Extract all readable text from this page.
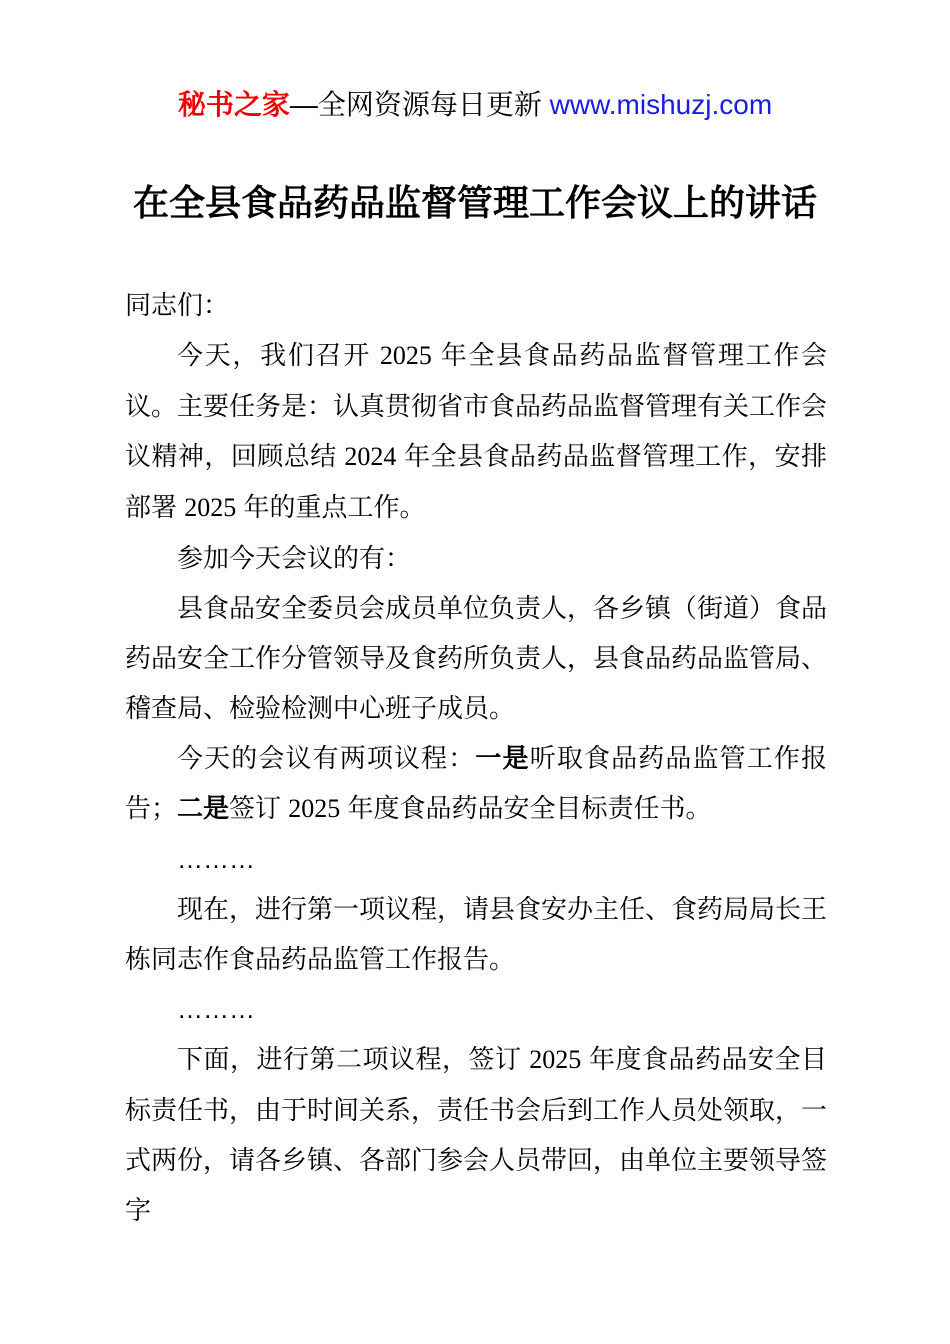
秘书之家—全网资源每日更新 www.mishuzj.com
在全县食品药品监督管理工作会议上的讲话

同志们：

今天，我们召开 2025 年全县食品药品监督管理工作会议。主要任务是：认真贯彻省市食品药品监督管理有关工作会议精神，回顾总结 2024 年全县食品药品监督管理工作，安排部署 2025 年的重点工作。

参加今天会议的有：

县食品安全委员会成员单位负责人，各乡镇（街道）食品药品安全工作分管领导及食药所负责人，县食品药品监管局、稽查局、检验检测中心班子成员。

今天的会议有两项议程：一是听取食品药品监管工作报告；二是签订 2025 年度食品药品安全目标责任书。

………

现在，进行第一项议程，请县食安办主任、食药局局长王栋同志作食品药品监管工作报告。

………

下面，进行第二项议程，签订 2025 年度食品药品安全目标责任书，由于时间关系，责任书会后到工作人员处领取，一式两份，请各乡镇、各部门参会人员带回，由单位主要领导签字
